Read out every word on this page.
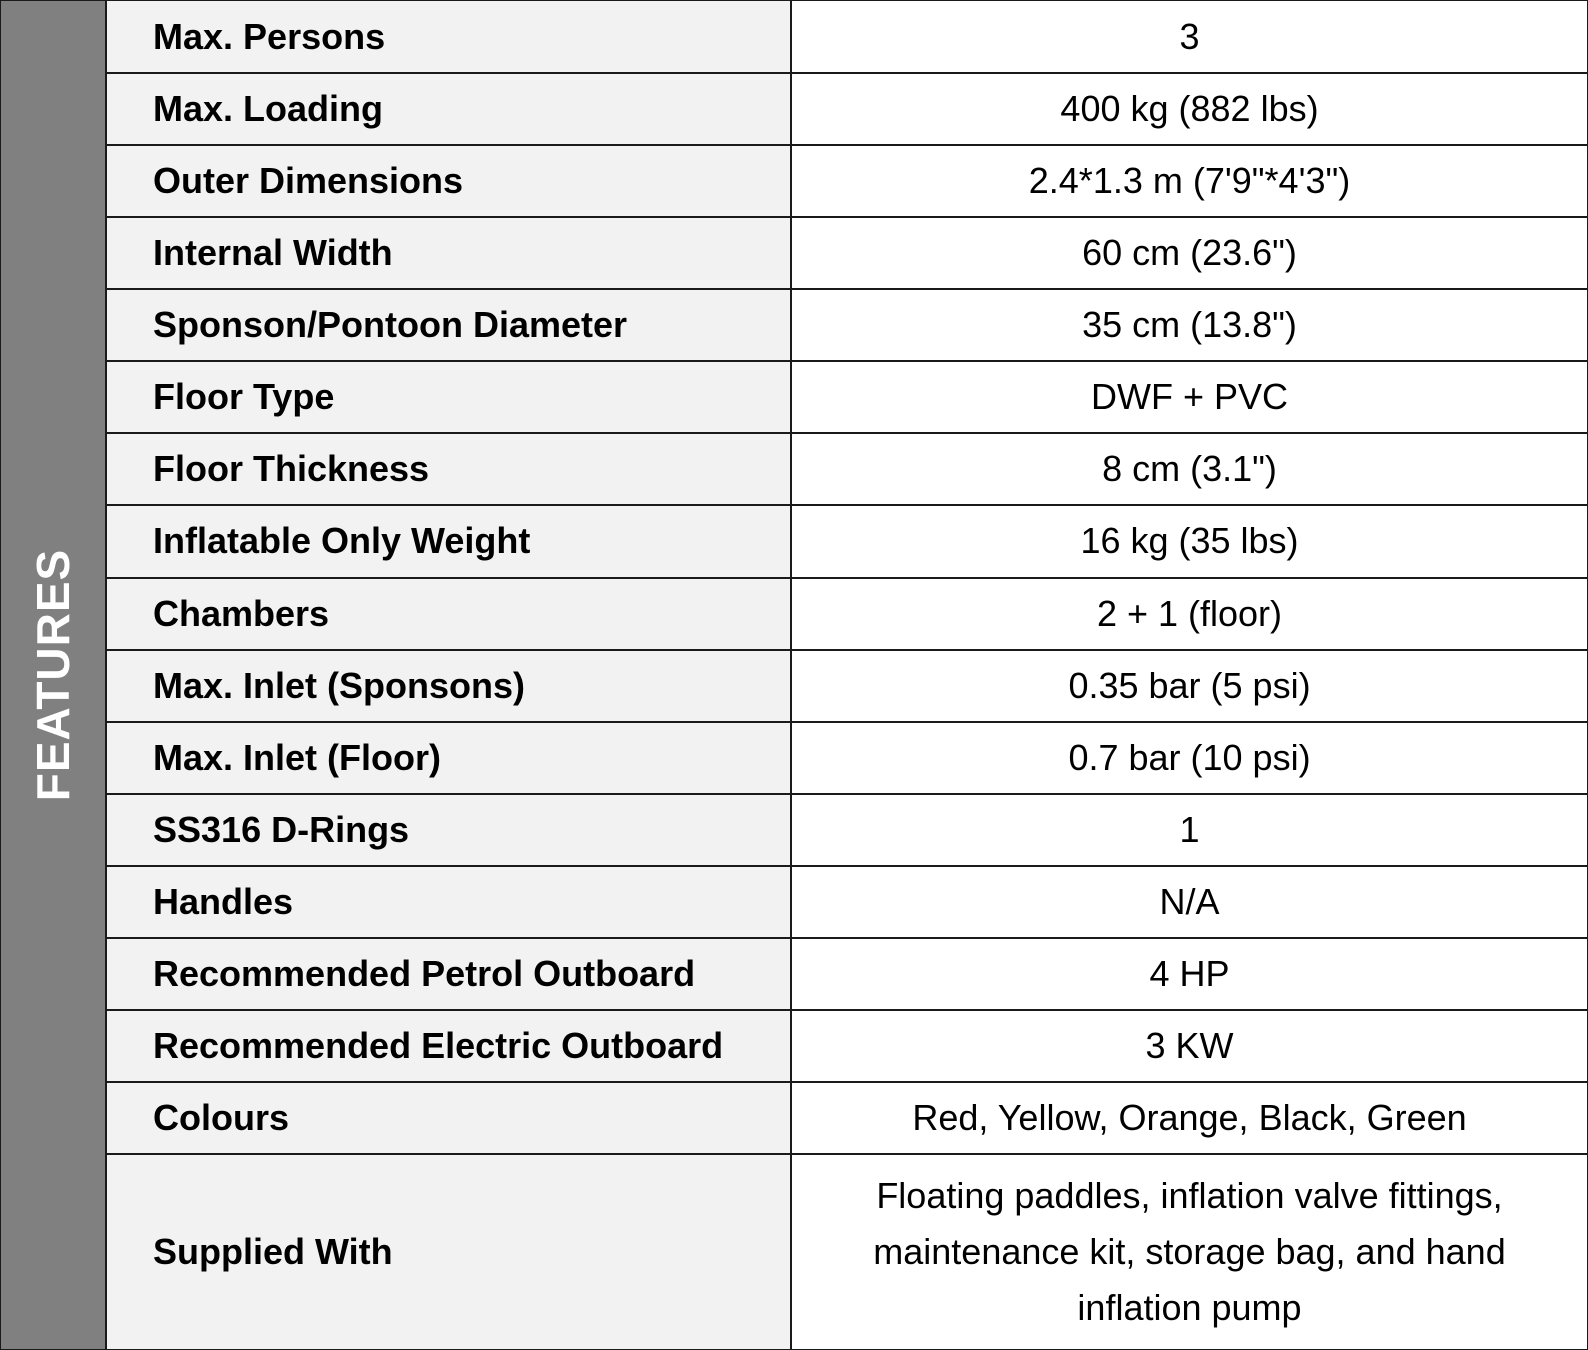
FEATURES
Max. Persons	3
Max. Loading	400 kg (882 lbs)
Outer Dimensions	2.4*1.3 m (7'9"*4'3")
Internal Width	60 cm (23.6")
Sponson/Pontoon Diameter	35 cm (13.8")
Floor Type	DWF + PVC
Floor Thickness	8 cm (3.1")
Inflatable Only Weight	16 kg (35 lbs)
Chambers	2 + 1 (floor)
Max. Inlet (Sponsons)	0.35 bar (5 psi)
Max. Inlet (Floor)	0.7 bar (10 psi)
SS316 D-Rings	1
Handles	N/A
Recommended Petrol Outboard	4 HP
Recommended Electric Outboard	3 KW
Colours	Red, Yellow, Orange, Black, Green
Supplied With	Floating paddles, inflation valve fittings, maintenance kit, storage bag, and hand inflation pump
